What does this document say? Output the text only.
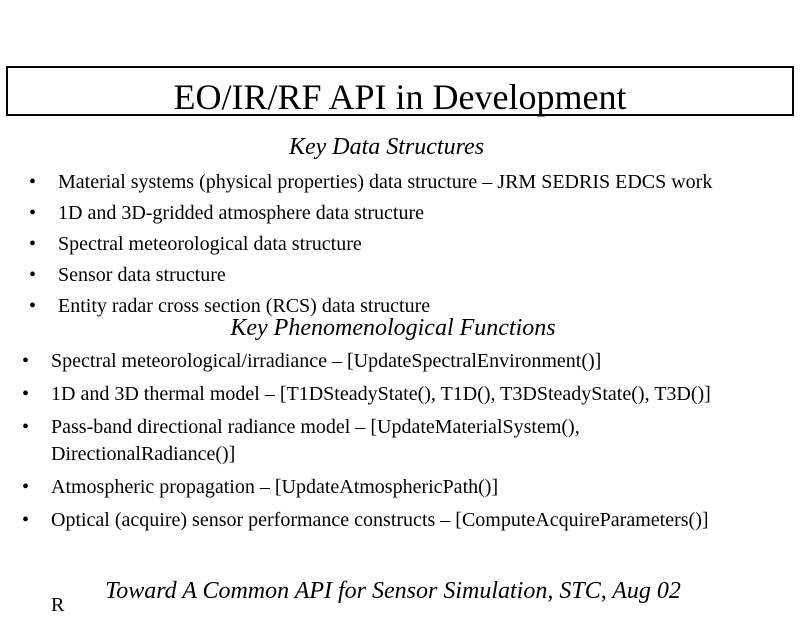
EO/IR/RF API in Development
Key Data Structures
• Material systems (physical properties) data structure – JRM SEDRIS EDCS work
• 1D and 3D-gridded atmosphere data structure
• Spectral meteorological data structure
• Sensor data structure
• Entity radar cross section (RCS) data structure
Key Phenomenological Functions
• Spectral meteorological/irradiance – [UpdateSpectralEnvironment()]
• 1D and 3D thermal model – [T1DSteadyState(), T1D(), T3DSteadyState(), T3D()]
• Pass-band directional radiance model – [UpdateMaterialSystem(), DirectionalRadiance()]
• Atmospheric propagation – [UpdateAtmosphericPath()]
• Optical (acquire) sensor performance constructs – [ComputeAcquireParameters()]
Toward A Common API for Sensor Simulation, STC, Aug 02
R
